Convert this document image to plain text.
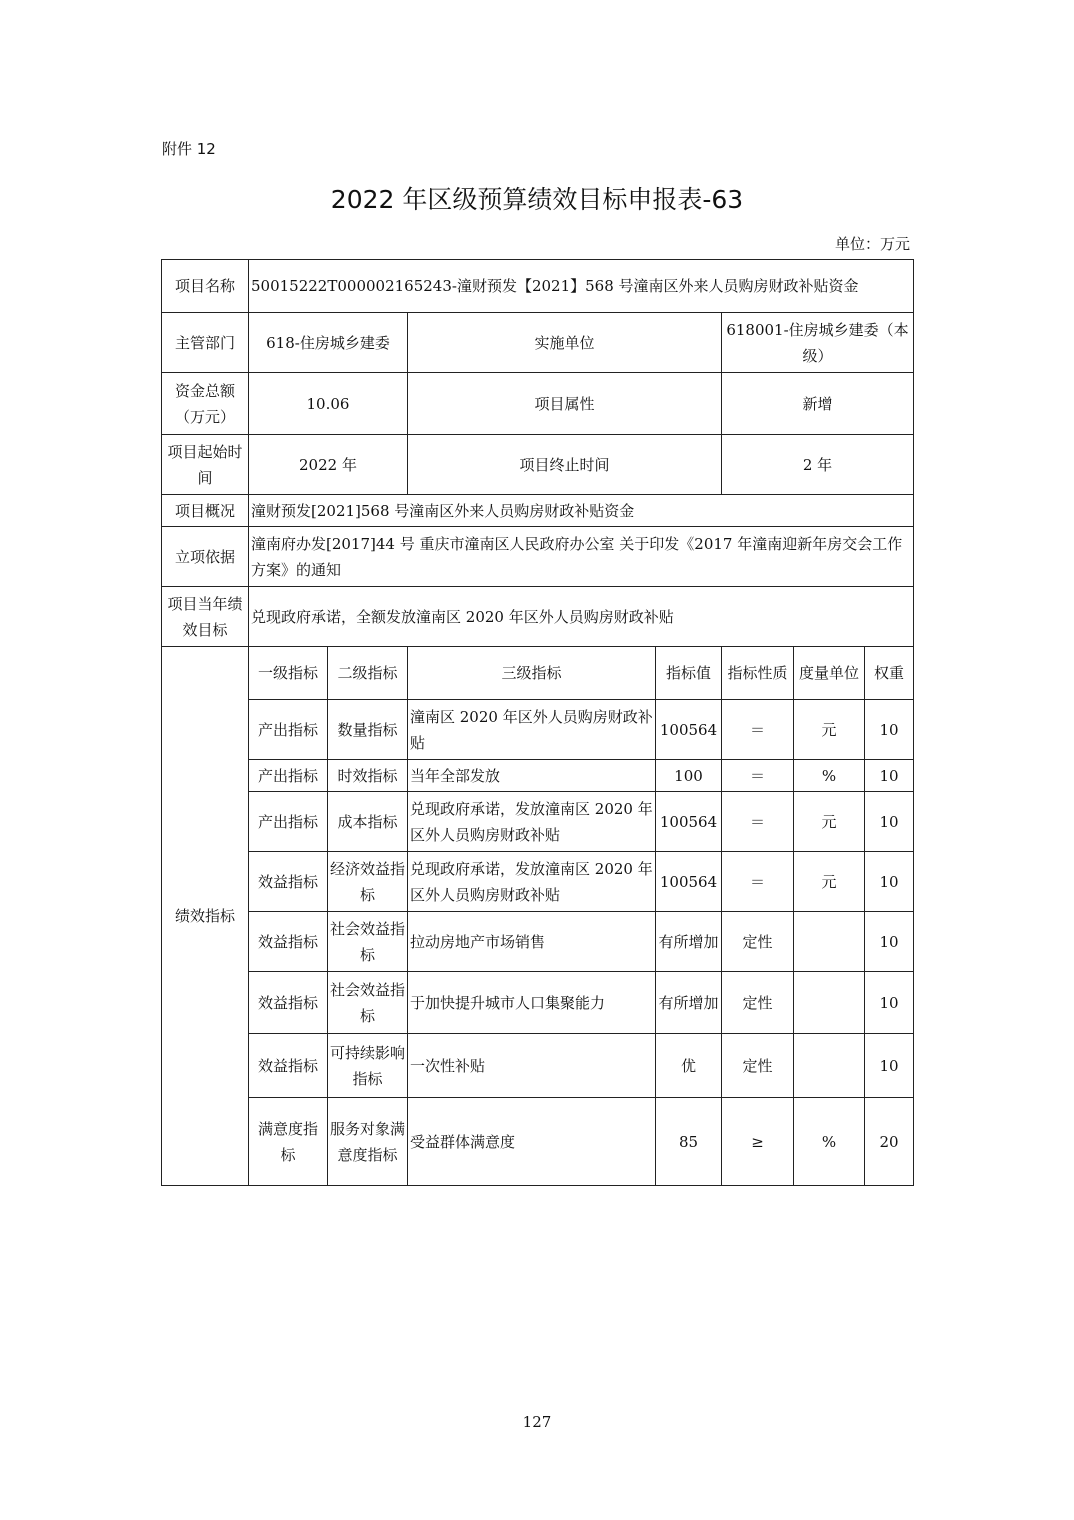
附件 12
2022 年区级预算绩效目标申报表-63
单位：万元
项目名称	50015222T000002165243-潼财预发【2021】568 号潼南区外来人员购房财政补贴资金						
主管部门	618-住房城乡建委		实施单位		618001-住房城乡建委（本级）		
资金总额（万元）	10.06		项目属性		新增		
项目起始时间	2022 年		项目终止时间		2 年		
项目概况	潼财预发[2021]568 号潼南区外来人员购房财政补贴资金						
立项依据	潼南府办发[2017]44 号 重庆市潼南区人民政府办公室 关于印发《2017 年潼南迎新年房交会工作方案》的通知						
项目当年绩效目标	兑现政府承诺，全额发放潼南区 2020 年区外人员购房财政补贴						
绩效指标	一级指标	二级指标	三级指标	指标值	指标性质	度量单位	权重
	产出指标	数量指标	潼南区 2020 年区外人员购房财政补贴	100564	＝	元	10
	产出指标	时效指标	当年全部发放	100	＝	%	10
	产出指标	成本指标	兑现政府承诺，发放潼南区 2020 年区外人员购房财政补贴	100564	＝	元	10
	效益指标	经济效益指标	兑现政府承诺，发放潼南区 2020 年区外人员购房财政补贴	100564	＝	元	10
	效益指标	社会效益指标	拉动房地产市场销售	有所增加	定性		10
	效益指标	社会效益指标	于加快提升城市人口集聚能力	有所增加	定性		10
	效益指标	可持续影响指标	一次性补贴	优	定性		10
	满意度指标	服务对象满意度指标	受益群体满意度	85	≥	%	20
127
